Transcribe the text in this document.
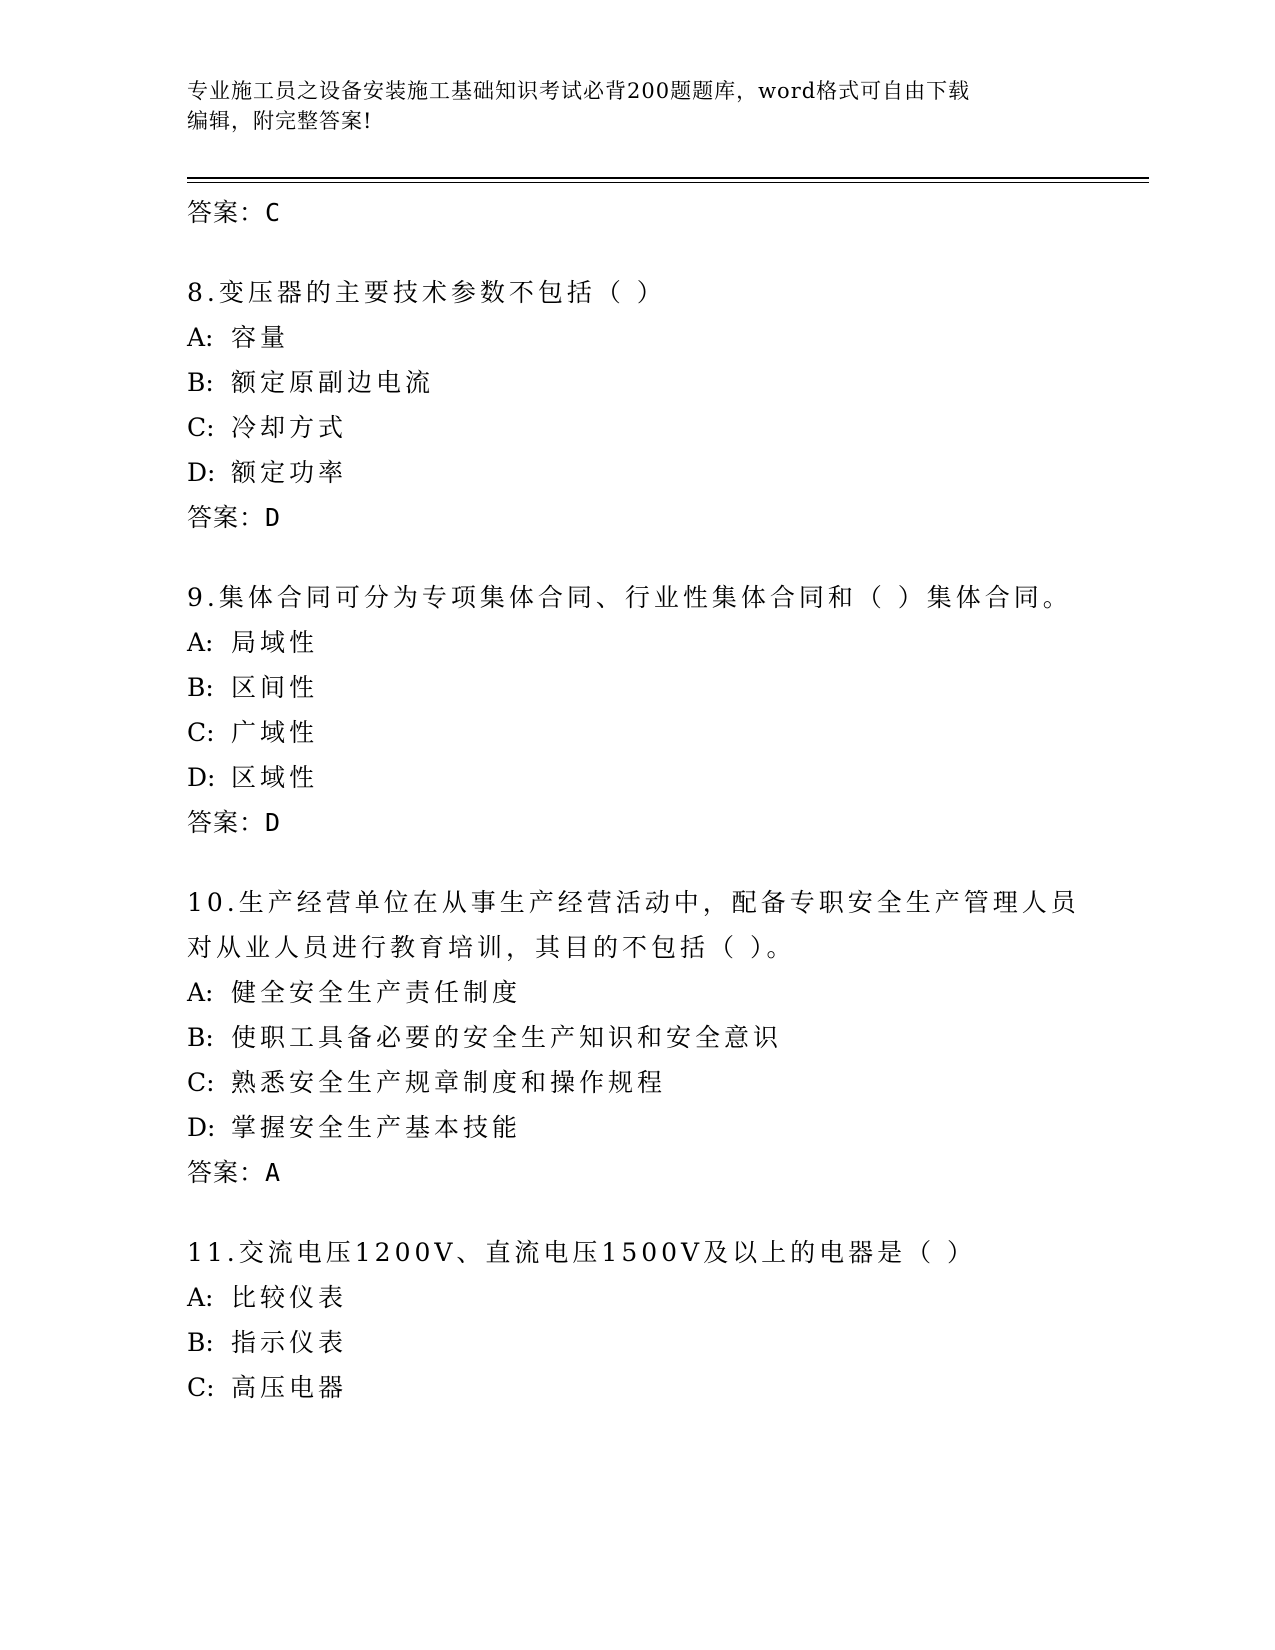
专业施工员之设备安装施工基础知识考试必背200题题库，word格式可自由下载
编辑，附完整答案!
答案：C
8.变压器的主要技术参数不包括（ ）
A: 容量
B: 额定原副边电流
C: 冷却方式
D: 额定功率
答案：D
9.集体合同可分为专项集体合同、行业性集体合同和（ ）集体合同。
A: 局域性
B: 区间性
C: 广域性
D: 区域性
答案：D
10.生产经营单位在从事生产经营活动中，配备专职安全生产管理人员
对从业人员进行教育培训，其目的不包括（ ）。
A: 健全安全生产责任制度
B: 使职工具备必要的安全生产知识和安全意识
C: 熟悉安全生产规章制度和操作规程
D: 掌握安全生产基本技能
答案：A
11.交流电压1200V、直流电压1500V及以上的电器是（ ）
A: 比较仪表
B: 指示仪表
C: 高压电器
